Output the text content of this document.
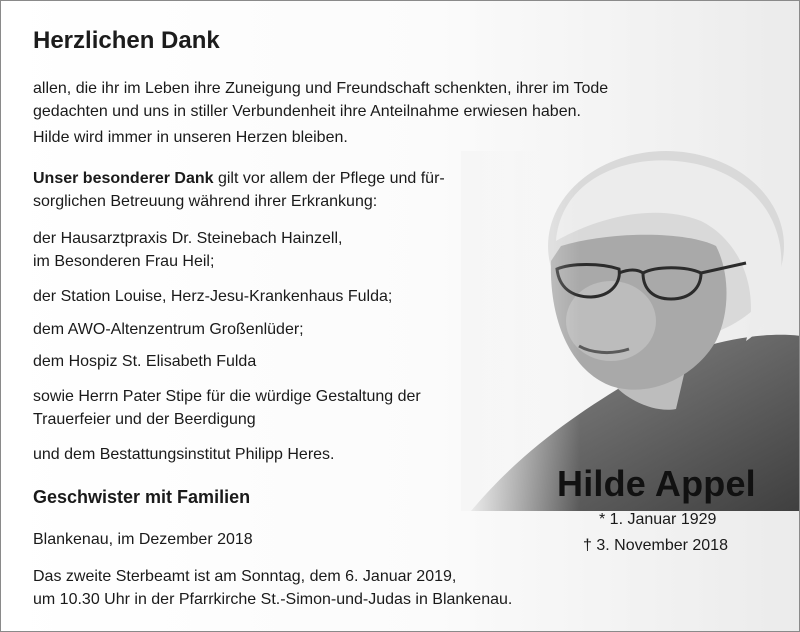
Herzlichen Dank

allen, die ihr im Leben ihre Zuneigung und Freundschaft schenkten, ihrer im Tode

gedachten und uns in stiller Verbundenheit ihre Anteilnahme erwiesen haben.

Hilde wird immer in unseren Herzen bleiben.

Unser besonderer Dank gilt vor allem der Pflege und für-

sorglichen Betreuung während ihrer Erkrankung:

der Hausarztpraxis Dr. Steinebach Hainzell,

im Besonderen Frau Heil;

der Station Louise, Herz-Jesu-Krankenhaus Fulda;

dem AWO-Altenzentrum Großenlüder;

dem Hospiz St. Elisabeth Fulda

sowie Herrn Pater Stipe für die würdige Gestaltung der

Trauerfeier und der Beerdigung

und dem Bestattungsinstitut Philipp Heres.

Geschwister mit Familien

Blankenau, im Dezember 2018

Das zweite Sterbeamt ist am Sonntag, dem 6. Januar 2019,

um 10.30 Uhr in der Pfarrkirche St.-Simon-und-Judas in Blankenau.

Hilde Appel

* 1. Januar 1929

† 3. November 2018
